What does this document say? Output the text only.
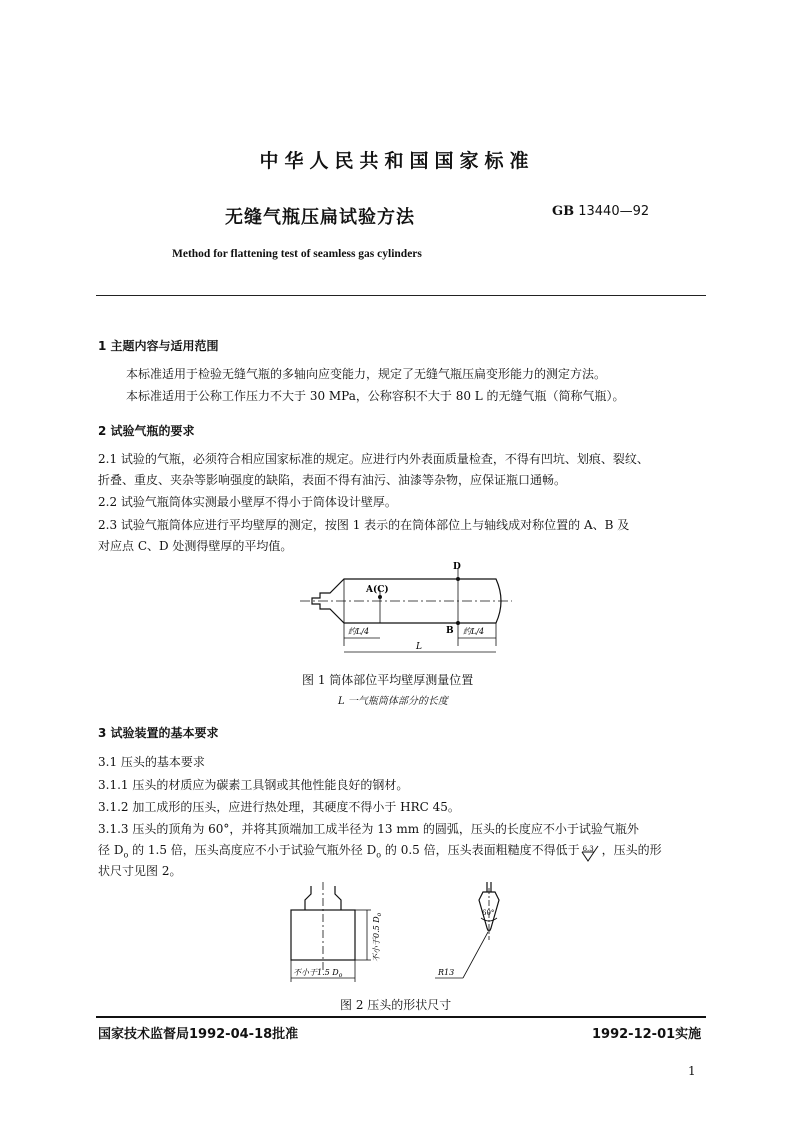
中华人民共和国国家标准
无缝气瓶压扁试验方法	GB 13440—92
Method for flattening test of seamless gas cylinders
1 主题内容与适用范围
本标准适用于检验无缝气瓶的多轴向应变能力，规定了无缝气瓶压扁变形能力的测定方法。
本标准适用于公称工作压力不大于 30 MPa，公称容积不大于 80 L 的无缝气瓶（简称气瓶）。
2 试验气瓶的要求
2.1 试验的气瓶，必须符合相应国家标准的规定。应进行内外表面质量检查，不得有凹坑、划痕、裂纹、
折叠、重皮、夹杂等影响强度的缺陷，表面不得有油污、油漆等杂物，应保证瓶口通畅。
2.2 试验气瓶筒体实测最小壁厚不得小于筒体设计壁厚。
2.3 试验气瓶筒体应进行平均壁厚的测定，按图 1 表示的在筒体部位上与轴线成对称位置的 A、B 及
对应点 C、D 处测得壁厚的平均值。
D
A(C)
B
约L/4	约L/4
L
图 1 筒体部位平均壁厚测量位置
L 一气瓶筒体部分的长度
3 试验装置的基本要求
3.1 压头的基本要求
3.1.1 压头的材质应为碳素工具钢或其他性能良好的钢材。
3.1.2 加工成形的压头，应进行热处理，其硬度不得小于 HRC 45。
3.1.3 压头的顶角为 60°，并将其顶端加工成半径为 13 mm 的圆弧，压头的长度应不小于试验气瓶外
径 $D_o$ 的 1.5 倍，压头高度应不小于试验气瓶外径 $D_o$ 的 0.5 倍，压头表面粗糙度不得低于 6.3 ，压头的形
状尺寸见图 2。
不小于0.5 $D_o$
不小于1.5 $D_o$
60°
R13
图 2 压头的形状尺寸
国家技术监督局1992-04-18批准	1992-12-01实施
1
